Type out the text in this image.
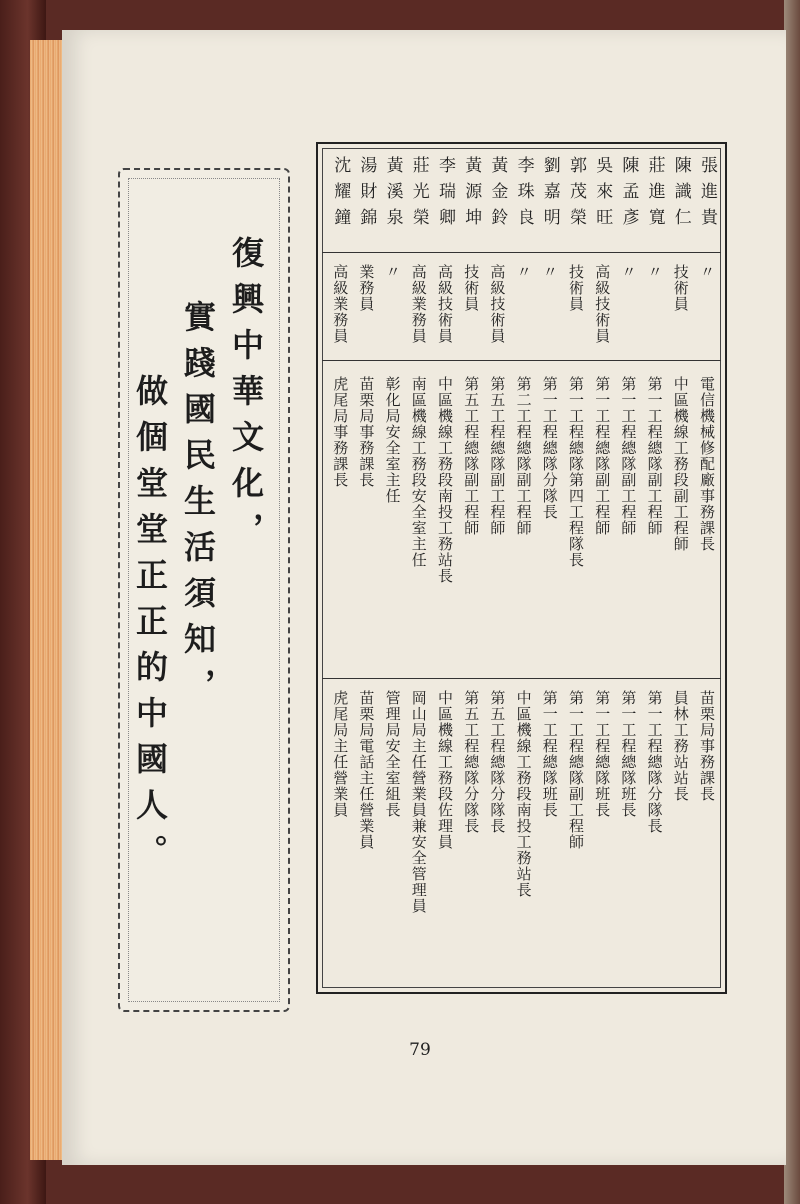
復興中華文化，
實踐國民生活須知，
做個堂堂正正的中國人。
張進貴
〃
電信機械修配廠事務課長
苗栗局事務課長
陳識仁
技術員
中區機線工務段副工程師
員林工務站站長
莊進寬
〃
第一工程總隊副工程師
第一工程總隊分隊長
陳孟彥
〃
第一工程總隊副工程師
第一工程總隊班長
吳來旺
高級技術員
第一工程總隊副工程師
第一工程總隊班長
郭茂榮
技術員
第一工程總隊第四工程隊長
第一工程總隊副工程師
劉嘉明
〃
第一工程總隊分隊長
第一工程總隊班長
李珠良
〃
第二工程總隊副工程師
中區機線工務段南投工務站長
黃金鈴
高級技術員
第五工程總隊副工程師
第五工程總隊分隊長
黃源坤
技術員
第五工程總隊副工程師
第五工程總隊分隊長
李瑞卿
高級技術員
中區機線工務段南投工務站長
中區機線工務段佐理員
莊光榮
高級業務員
南區機線工務段安全室主任
岡山局主任營業員兼安全管理員
黃溪泉
〃
彰化局安全室主任
管理局安全室組長
湯財錦
業務員
苗栗局事務課長
苗栗局電話主任營業員
沈耀鐘
高級業務員
虎尾局事務課長
虎尾局主任營業員
79
